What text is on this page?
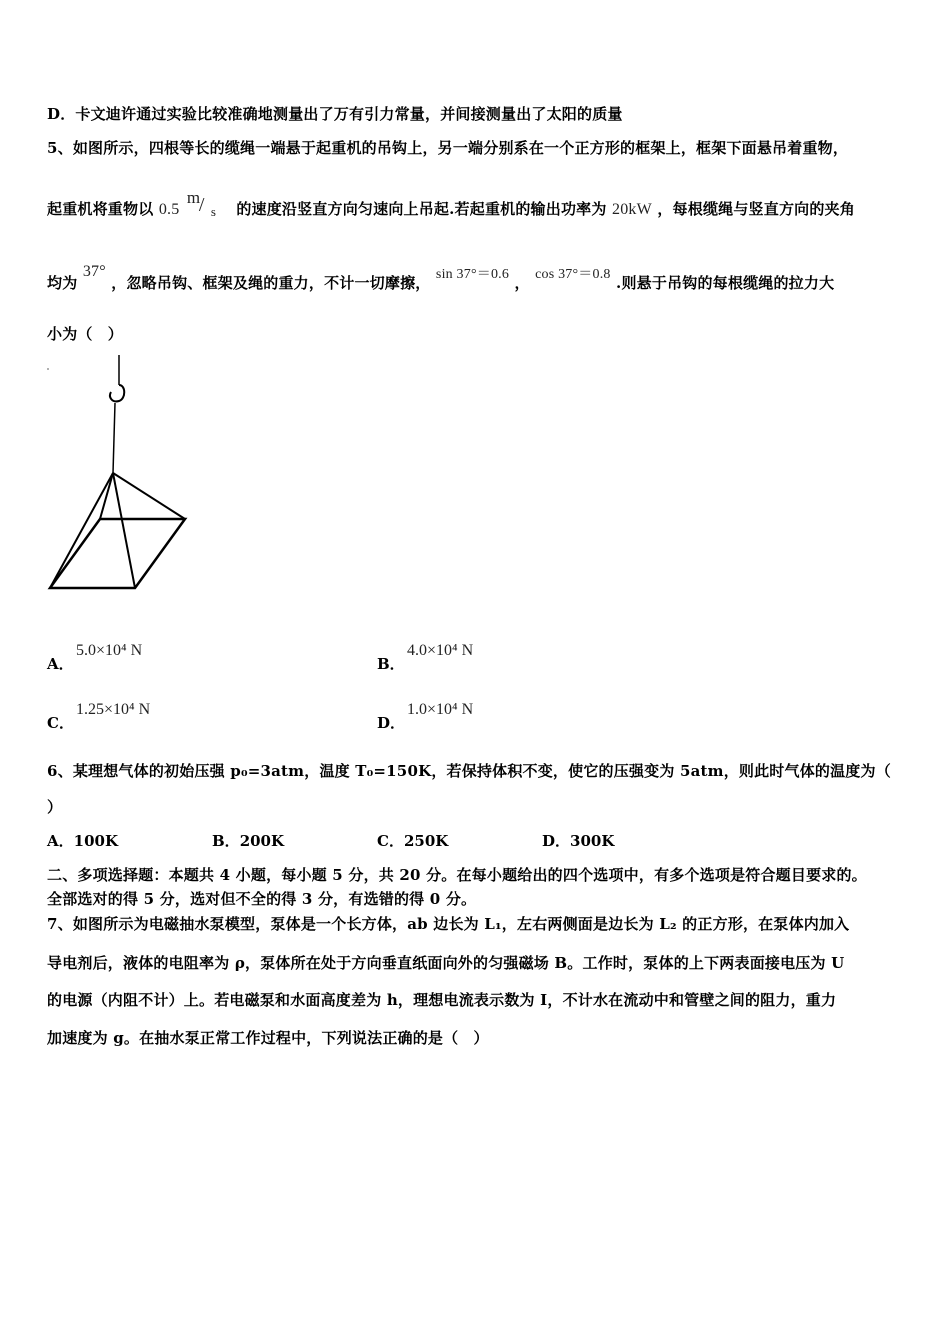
D．卡文迪许通过实验比较准确地测量出了万有引力常量，并间接测量出了太阳的质量
5、如图所示，四根等长的缆绳一端悬于起重机的吊钩上，另一端分别系在一个正方形的框架上，框架下面悬吊着重物，
起重机将重物以 0.5
m
/ s 的速度沿竖直方向匀速向上吊起.若起重机的输出功率为 20kW ，每根缆绳与竖直方向的夹角
均为 37° ，忽略吊钩、框架及绳的重力，不计一切摩擦， sin 37°＝0.6 ， cos 37°＝0.8 .则悬于吊钩的每根缆绳的拉力大
小为（　）
A．
5.0×10⁴ N
B．
4.0×10⁴ N
C．
1.25×10⁴ N
D．
1.0×10⁴ N
6、某理想气体的初始压强 p₀=3atm，温度 T₀=150K，若保持体积不变，使它的压强变为 5atm，则此时气体的温度为（
）
A．100K	B．200K	C．250K	D．300K
二、多项选择题：本题共 4 小题，每小题 5 分，共 20 分。在每小题给出的四个选项中，有多个选项是符合题目要求的。
全部选对的得 5 分，选对但不全的得 3 分，有选错的得 0 分。
7、如图所示为电磁抽水泵模型，泵体是一个长方体，ab 边长为 L₁，左右两侧面是边长为 L₂ 的正方形，在泵体内加入
导电剂后，液体的电阻率为 ρ，泵体所在处于方向垂直纸面向外的匀强磁场 B。工作时，泵体的上下两表面接电压为 U
的电源（内阻不计）上。若电磁泵和水面高度差为 h，理想电流表示数为 I，不计水在流动中和管壁之间的阻力，重力
加速度为 g。在抽水泵正常工作过程中，下列说法正确的是（　）
